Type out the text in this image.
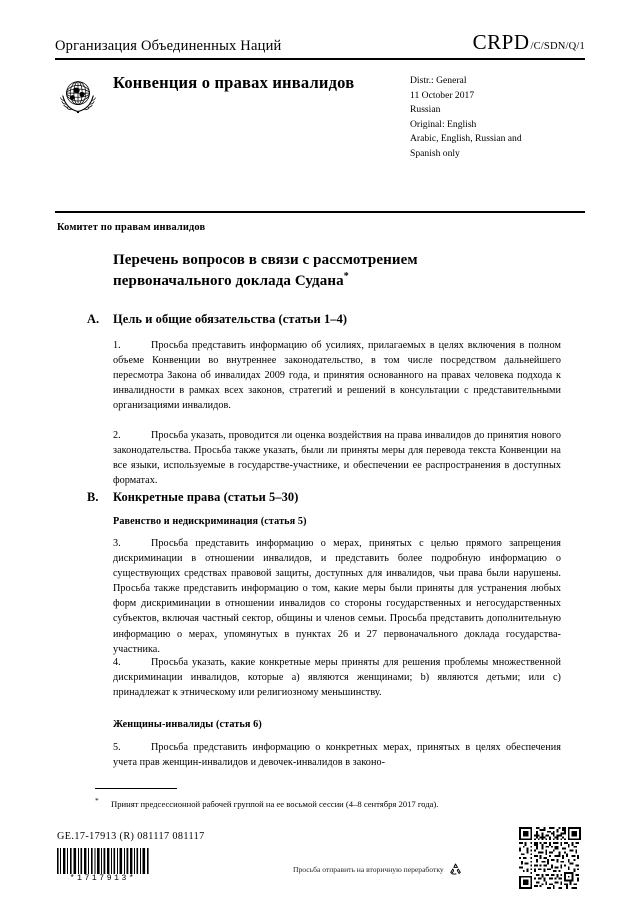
Организация Объединенных Наций	CRPD /C/SDN/Q/1
Конвенция о правах инвалидов	Distr.: General
11 October 2017
Russian
Original: English
Arabic, English, Russian and
Spanish only
Комитет по правам инвалидов
Перечень вопросов в связи с рассмотрением первоначального доклада Судана*
A.	Цель и общие обязательства (статьи 1–4)
1.	Просьба представить информацию об усилиях, прилагаемых в целях включения в полном объеме Конвенции во внутреннее законодательство, в том числе посредством дальнейшего пересмотра Закона об инвалидах 2009 года, и принятия основанного на правах человека подхода к инвалидности в рамках всех законов, стратегий и решений в консультации с представительными организациями инвалидов.
2.	Просьба указать, проводится ли оценка воздействия на права инвалидов до принятия нового законодательства. Просьба также указать, были ли приняты меры для перевода текста Конвенции на все языки, используемые в государстве-участнике, и обеспечении ее распространения в доступных форматах.
B.	Конкретные права (статьи 5–30)
Равенство и недискриминация (статья 5)
3.	Просьба представить информацию о мерах, принятых с целью прямого запрещения дискриминации в отношении инвалидов, и представить более подробную информацию о существующих средствах правовой защиты, доступных для инвалидов, чьи права были нарушены. Просьба также представить информацию о том, какие меры были приняты для устранения любых форм дискриминации в отношении инвалидов со стороны государственных и негосударственных субъектов, включая частный сектор, общины и членов семьи. Просьба представить дополнительную информацию о мерах, упомянутых в пунктах 26 и 27 первоначального доклада государства-участника.
4.	Просьба указать, какие конкретные меры приняты для решения проблемы множественной дискриминации инвалидов, которые a) являются женщинами; b) являются детьми; или c) принадлежат к этническому или религиозному меньшинству.
Женщины-инвалиды (статья 6)
5.	Просьба представить информацию о конкретных мерах, принятых в целях обеспечения учета прав женщин-инвалидов и девочек-инвалидов в законо-
* Принят предсессионной рабочей группой на ее восьмой сессии (4–8 сентября 2017 года).
GE.17-17913 (R) 081117 081117
*1717913*
Просьба отправить на вторичную переработку
